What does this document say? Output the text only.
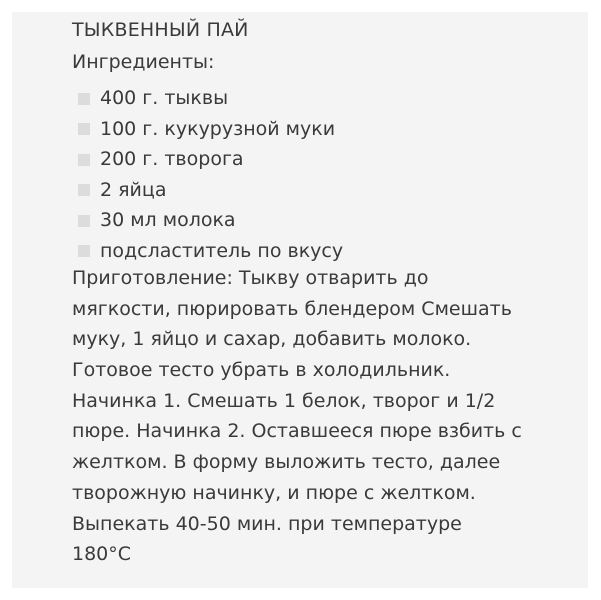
ТЫКВЕННЫЙ ПАЙ
Ингредиенты:
400 г. тыквы
100 г. кукурузной муки
200 г. творога
2 яйца
30 мл молока
подсластитель по вкусу
Приготовление: Тыкву отварить до
мягкости, пюрировать блендером Смешать
муку, 1 яйцо и сахар, добавить молоко.
Готовое тесто убрать в холодильник.
Начинка 1. Смешать 1 белок, творог и 1/2
пюре. Начинка 2. Оставшееся пюре взбить с
желтком. В форму выложить тесто, далее
творожную начинку, и пюре с желтком.
Выпекать 40-50 мин. при температуре
180°С
